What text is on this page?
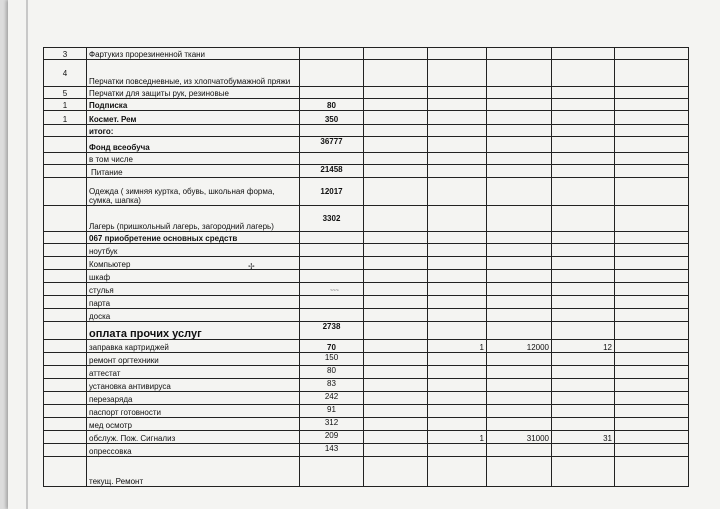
3	Фартукиз прорезиненной ткани						
4	Перчатки повседневные, из хлопчатобумажной пряжи						
5	Перчатки для защиты рук, резиновые						
1	Подписка	80					
1	Космет. Рем	350					
	итого:						
	Фонд всеобуча	36777					
	в том числе						
	Питание	21458					
	Одежда ( зимняя куртка, обувь, школьная форма, сумка, шапка)	12017					
	Лагерь (пришкольный лагерь, загородний лагерь)	3302					
	067 приобретение основных средств						
	ноутбук						
	Компьютер						
	шкаф						
	стулья						
	парта						
	доска						
	оплата прочих услуг	2738					
	заправка картриджей	70		1	12000	12	
	ремонт оргтехники	150					
	аттестат	80					
	установка антивируса	83					
	перезаряда	242					
	паспорт готовности	91					
	мед осмотр	312					
	обслуж. Пож. Сигнализ	209		1	31000	31	
	опрессовка	143					
	текущ. Ремонт						
✢
~~~
